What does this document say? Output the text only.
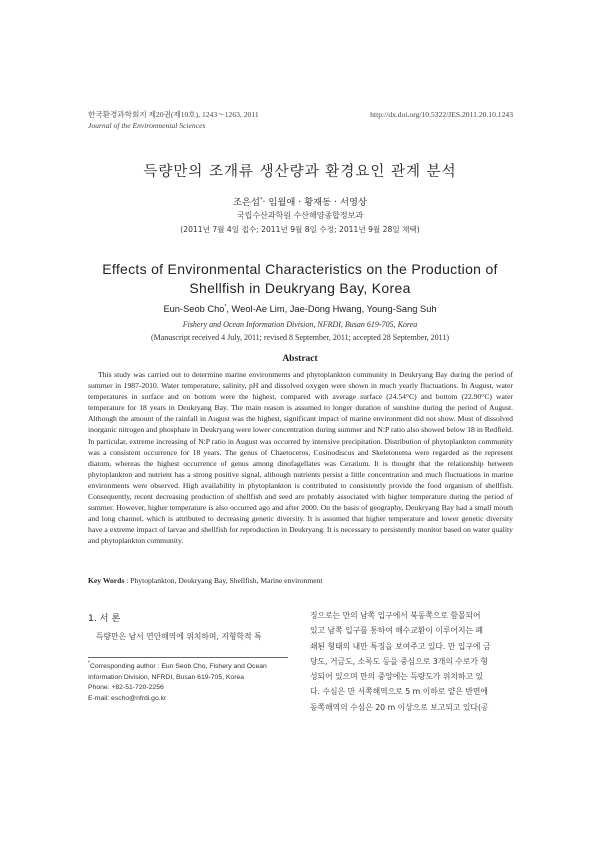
한국환경과학회지 제20권(제10호), 1243～1263, 2011
Journal of the Environmental Sciences
http://dx.doi.org/10.5322/JES.2011.20.10.1243
득량만의 조개류 생산량과 환경요인 관계 분석
조은섭*· 임월애 · 황재동 · 서영상
국립수산과학원 수산해양종합정보과
(2011년 7월 4일 접수; 2011년 9월 8일 수정; 2011년 9월 28일 채택)
Effects of Environmental Characteristics on the Production of
Shellfish in Deukryang Bay, Korea
Eun-Seob Cho*, Weol-Ae Lim, Jae-Dong Hwang, Young-Sang Suh
Fishery and Ocean Information Division, NFRDI, Busan 619-705, Korea
(Manuscript received 4 July, 2011; revised 8 September, 2011; accepted 28 September, 2011)
Abstract

This study was carried out to determine marine environments and phytoplankton community in Deukryang Bay during the period of summer in 1987-2010. Water temperature, salinity, pH and dissolved oxygen were shown in much yearly fluctuations. In August, water temperatures in surface and on bottom were the highest, compared with average surface (24.54°C) and bottom (22.90°C) water temperature for 18 years in Deukryang Bay. The main reason is assumed to longer duration of sunshine during the period of August. Although the amount of the rainfall in August was the highest, significant impact of marine environment did not show. Most of dissolved inorganic nitrogen and phosphate in Deukryang were lower concentration during summer and N:P ratio also showed below 18 in Redfield. In particular, extreme increasing of N:P ratio in August was occurred by intensive precipitation. Distribution of phytoplankton community was a consistent occurrence for 18 years. The genus of Chaetoceros, Cosinodiscus and Skeletonema were regarded as the represent diatom, whereas the highest occurrence of genus among dinofagellates was Ceratium. It is thought that the relationship between phytoplankton and nutrient has a strong positive signal, although nutrients persist a little concentration and much fluctuations in marine environments were observed. High availability in phytoplankton is contributed to consistently provide the food organism of shellfish. Consequently, recent decreasing production of shellfish and seed are probably associated with higher temperature during the period of summer. However, higher temperature is also occurred ago and after 2000. On the basis of geography, Deukryang Bay had a small mouth and long channel, which is attributed to decreasing genetic diversity. It is assumed that higher temperature and lower genetic diversity have a extreme impact of larvae and shellfish for reproduction in Deukryang. It is necessary to persistently monitor based on water quality and phytoplankton community.

Key Words : Phytoplankton, Deukryang Bay, Shellfish, Marine environment
1. 서 론
득량만은 남서 연안해역에 위치하며, 지형학적 특
*Corresponding author : Eun Seob Cho, Fishery and Ocean
Information Division, NFRDI, Busan 619-705, Korea
Phone: +82-51-720-2256
E-mail: escho@nfrdi.go.kr
징으로는 만의 남쪽 입구에서 북동쪽으로 함몰되어
있고 남쪽 입구를 통하여 해수교환이 이루어지는 폐
쇄된 형태의 내만 특징을 보여주고 있다. 만 입구에 금
당도, 거금도, 소록도 등을 중심으로 3개의 수로가 형
성되어 있으며 만의 중앙에는 득량도가 위치하고 있
다. 수심은 만 서쪽해역으로 5 m 이하로 얕은 반면에
동쪽해역의 수심은 20 m 이상으로 보고되고 있다(공
